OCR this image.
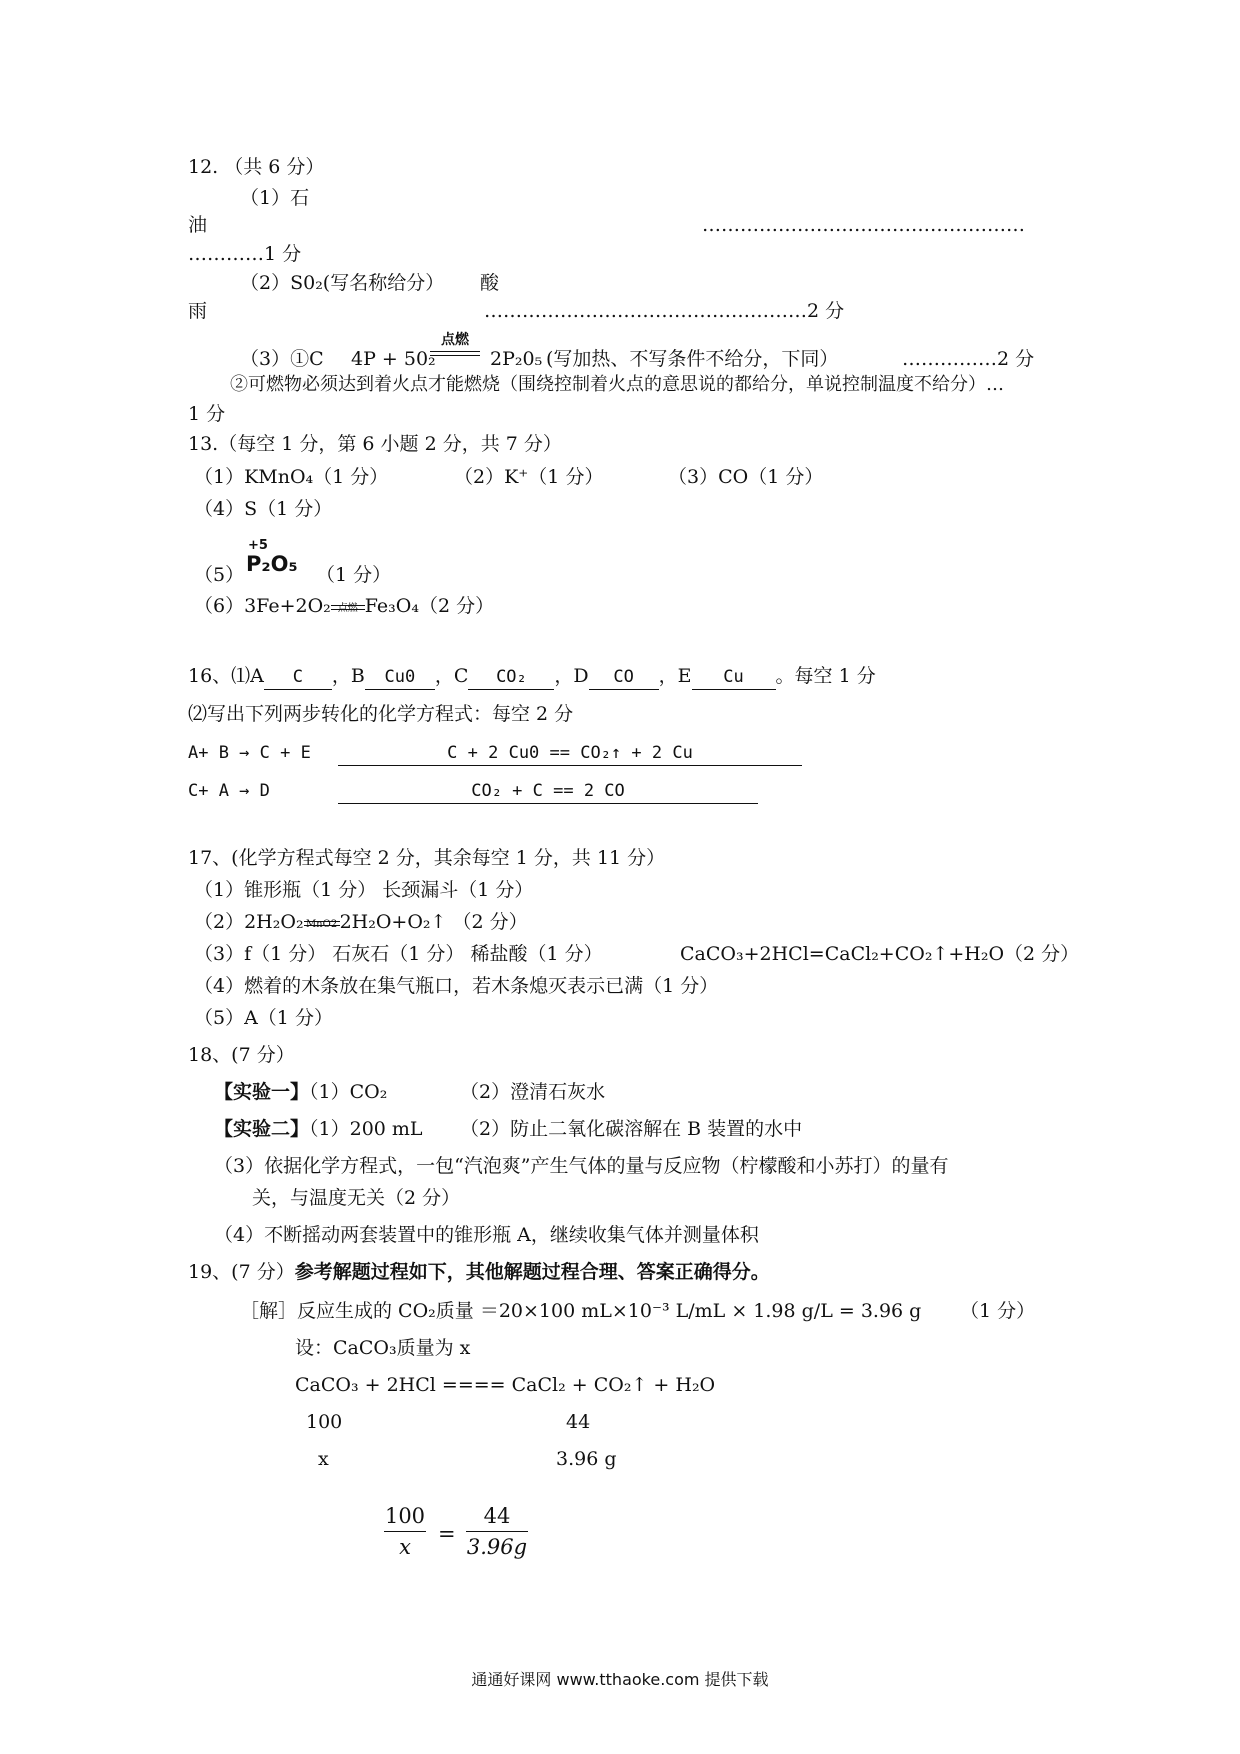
12. （共 6 分）
（1）石
油	……………………………………………
…………1 分
（2）S0₂(写名称给分） 酸
雨	……………………………………………2 分
（3）①C 4P + 50₂
点燃
2P₂0₅ (写加热、不写条件不给分，下同）	……………2 分
②可燃物必须达到着火点才能燃烧（围绕控制着火点的意思说的都给分，单说控制温度不给分）…
1 分
13.（每空 1 分，第 6 小题 2 分，共 7 分）
（1）KMnO₄（1 分）	（2）K⁺（1 分）	（3）CO（1 分）
（4）S（1 分）
（5）
+5
P₂O₅ （1 分）
（6）3Fe+2O₂ 点燃 Fe₃O₄（2 分）
16、⑴A C ，B Cu0 ，C CO₂ ，D CO ，E Cu 。每空 1 分
⑵写出下列两步转化的化学方程式：每空 2 分
A+ B → C + E	C + 2 Cu0 == CO₂↑ + 2 Cu
C+ A → D	CO₂ + C == 2 CO
17、(化学方程式每空 2 分，其余每空 1 分，共 11 分）
（1）锥形瓶（1 分） 长颈漏斗（1 分）
（2）2H₂O₂ MnO2 2H₂O+O₂↑ （2 分）
（3）f（1 分） 石灰石（1 分） 稀盐酸（1 分）	CaCO₃+2HCl=CaCl₂+CO₂↑+H₂O（2 分）
（4）燃着的木条放在集气瓶口，若木条熄灭表示已满（1 分）
（5）A（1 分）
18、(7 分）
【实验一】（1）CO₂	（2）澄清石灰水
【实验二】（1）200 mL （2）防止二氧化碳溶解在 B 装置的水中
（3）依据化学方程式，一包“汽泡爽”产生气体的量与反应物（柠檬酸和小苏打）的量有
关，与温度无关（2 分）
（4）不断摇动两套装置中的锥形瓶 A，继续收集气体并测量体积
19、(7 分）参考解题过程如下，其他解题过程合理、答案正确得分。
［解］反应生成的 CO₂质量 ＝20×100 mL×10⁻³ L/mL × 1.98 g/L = 3.96 g （1 分）
设：CaCO₃质量为 x
CaCO₃ + 2HCl ==== CaCl₂ + CO₂↑ + H₂O
100	44
x	3.96 g
$\frac{100}{x} = \frac{44}{3.96g}$
通通好课网 www.tthaoke.com 提供下载
